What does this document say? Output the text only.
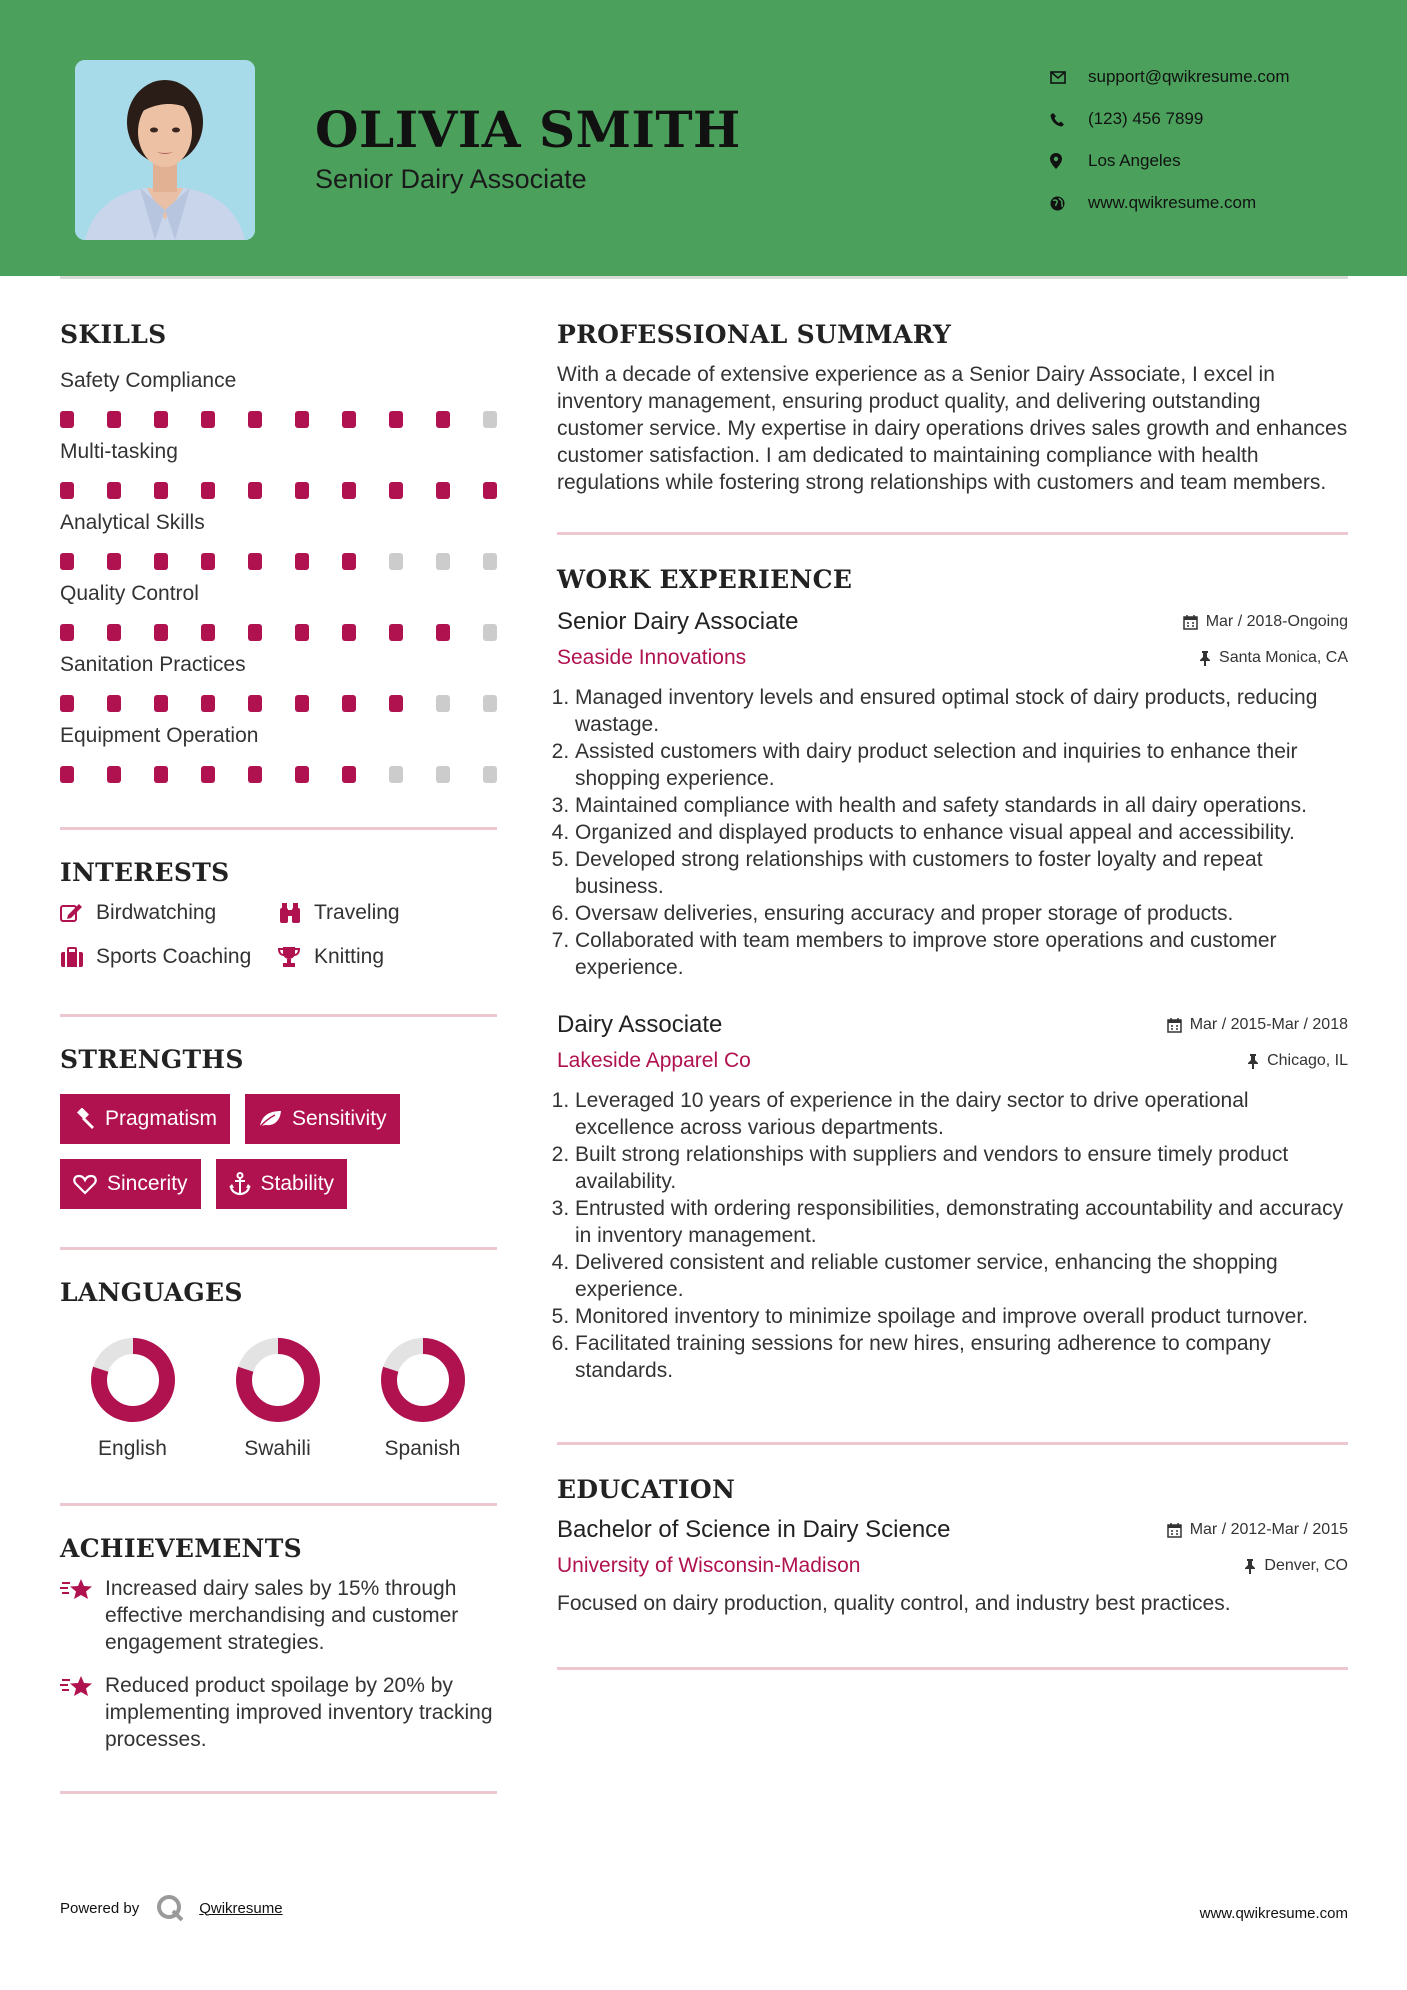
OLIVIA SMITH
Senior Dairy Associate
support@qwikresume.com
(123) 456 7899
Los Angeles
www.qwikresume.com
SKILLS
Safety Compliance
Multi-tasking
Analytical Skills
Quality Control
Sanitation Practices
Equipment Operation
INTERESTS
Birdwatching	Traveling
Sports Coaching	Knitting
STRENGTHS
Pragmatism	Sensitivity
Sincerity	Stability
LANGUAGES
English	Swahili	Spanish
ACHIEVEMENTS
Increased dairy sales by 15% through effective merchandising and customer engagement strategies.
Reduced product spoilage by 20% by implementing improved inventory tracking processes.
PROFESSIONAL SUMMARY
With a decade of extensive experience as a Senior Dairy Associate, I excel in inventory management, ensuring product quality, and delivering outstanding customer service. My expertise in dairy operations drives sales growth and enhances customer satisfaction. I am dedicated to maintaining compliance with health regulations while fostering strong relationships with customers and team members.
WORK EXPERIENCE
Senior Dairy Associate	Mar / 2018-Ongoing
Seaside Innovations	Santa Monica, CA
1. Managed inventory levels and ensured optimal stock of dairy products, reducing wastage.
2. Assisted customers with dairy product selection and inquiries to enhance their shopping experience.
3. Maintained compliance with health and safety standards in all dairy operations.
4. Organized and displayed products to enhance visual appeal and accessibility.
5. Developed strong relationships with customers to foster loyalty and repeat business.
6. Oversaw deliveries, ensuring accuracy and proper storage of products.
7. Collaborated with team members to improve store operations and customer experience.
Dairy Associate	Mar / 2015-Mar / 2018
Lakeside Apparel Co	Chicago, IL
1. Leveraged 10 years of experience in the dairy sector to drive operational excellence across various departments.
2. Built strong relationships with suppliers and vendors to ensure timely product availability.
3. Entrusted with ordering responsibilities, demonstrating accountability and accuracy in inventory management.
4. Delivered consistent and reliable customer service, enhancing the shopping experience.
5. Monitored inventory to minimize spoilage and improve overall product turnover.
6. Facilitated training sessions for new hires, ensuring adherence to company standards.
EDUCATION
Bachelor of Science in Dairy Science	Mar / 2012-Mar / 2015
University of Wisconsin-Madison	Denver, CO
Focused on dairy production, quality control, and industry best practices.
Powered by	Qwikresume	www.qwikresume.com
